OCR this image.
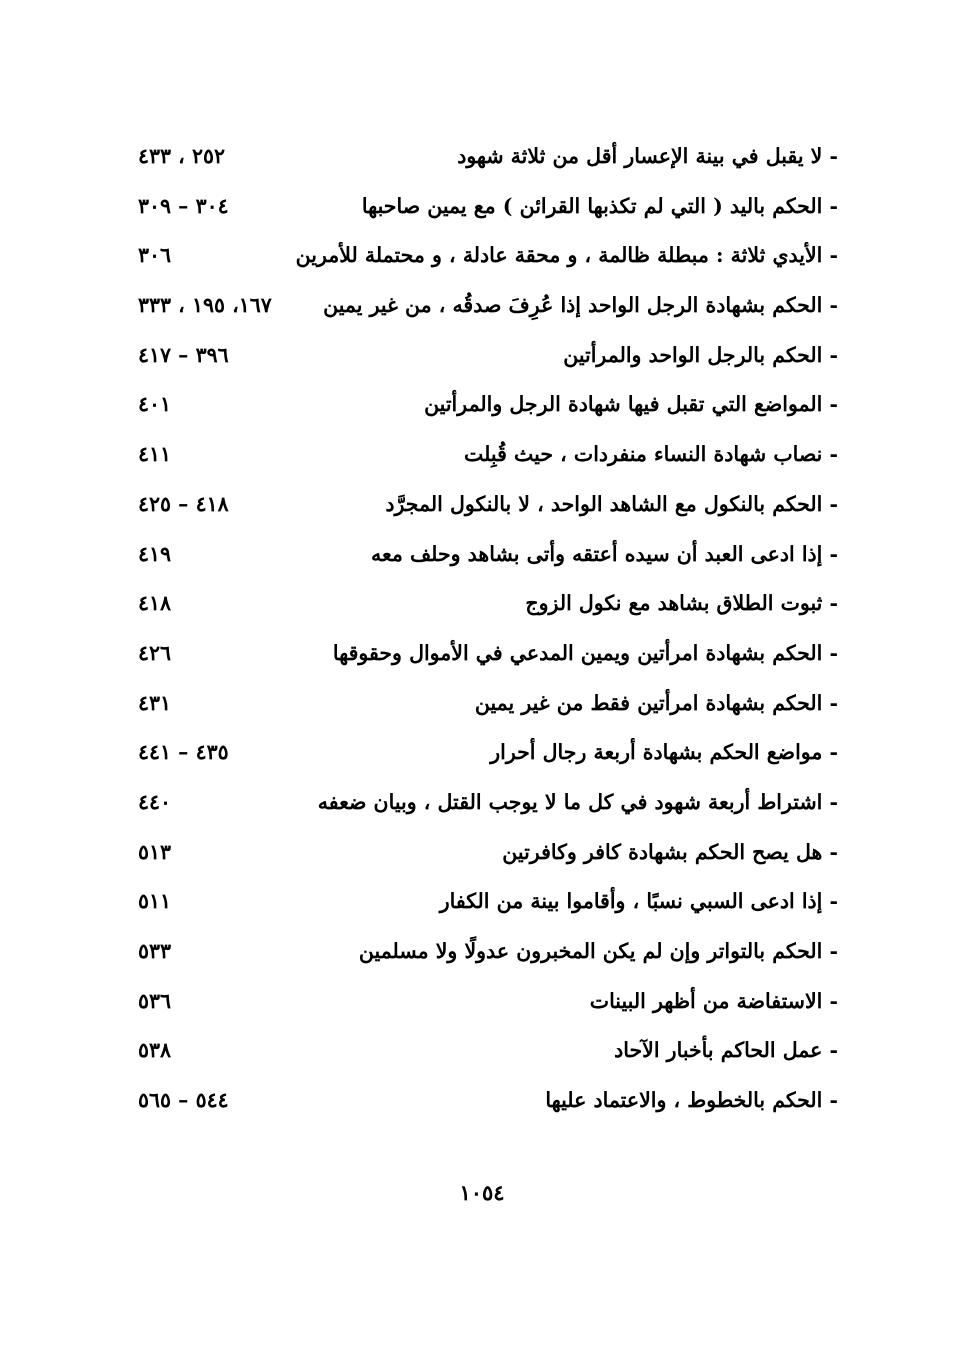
- لا يقبل في بينة الإعسار أقل من ثلاثة شهود
٢٥٢ ، ٤٣٣
- الحكم باليد ( التي لم تكذبها القرائن ) مع يمين صاحبها
٣٠٤ – ٣٠٩
- الأيدي ثلاثة : مبطلة ظالمة ، و محقة عادلة ، و محتملة للأمرين
٣٠٦
- الحكم بشهادة الرجل الواحد إذا عُرِفَ صدقُه ، من غير يمين
١٦٧، ١٩٥ ، ٣٣٣
- الحكم بالرجل الواحد والمرأتين
٣٩٦ – ٤١٧
- المواضع التي تقبل فيها شهادة الرجل والمرأتين
٤٠١
- نصاب شهادة النساء منفردات ، حيث قُبِلت
٤١١
- الحكم بالنكول مع الشاهد الواحد ، لا بالنكول المجرَّد
٤١٨ – ٤٢٥
- إذا ادعى العبد أن سيده أعتقه وأتى بشاهد وحلف معه
٤١٩
- ثبوت الطلاق بشاهد مع نكول الزوج
٤١٨
- الحكم بشهادة امرأتين ويمين المدعي في الأموال وحقوقها
٤٢٦
- الحكم بشهادة امرأتين فقط من غير يمين
٤٣١
- مواضع الحكم بشهادة أربعة رجال أحرار
٤٣٥ – ٤٤١
- اشتراط أربعة شهود في كل ما لا يوجب القتل ، وبيان ضعفه
٤٤٠
- هل يصح الحكم بشهادة كافر وكافرتين
٥١٣
- إذا ادعى السبي نسبًا ، وأقاموا بينة من الكفار
٥١١
- الحكم بالتواتر وإن لم يكن المخبرون عدولًا ولا مسلمين
٥٣٣
- الاستفاضة من أظهر البينات
٥٣٦
- عمل الحاكم بأخبار الآحاد
٥٣٨
- الحكم بالخطوط ، والاعتماد عليها
٥٤٤ – ٥٦٥
١٠٥٤
